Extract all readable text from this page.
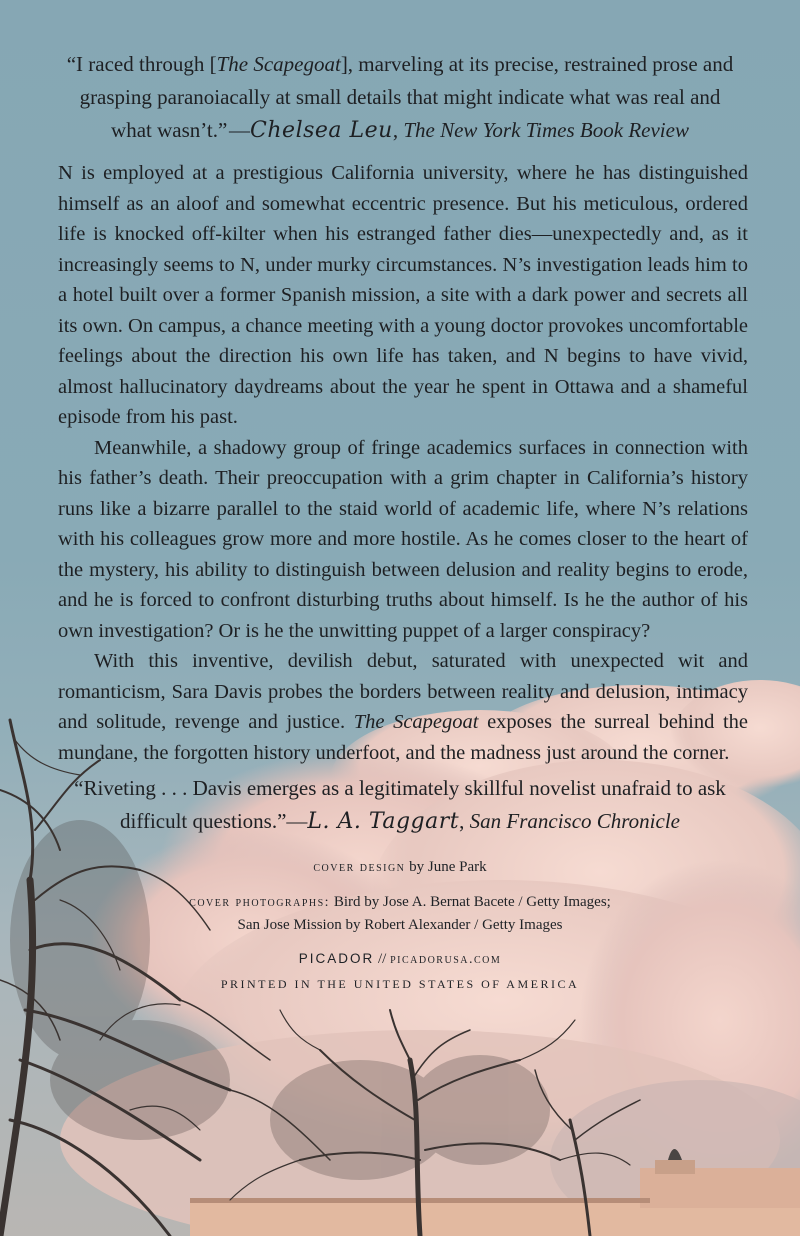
“I raced through [The Scapegoat], marveling at its precise, restrained prose and grasping paranoiacally at small details that might indicate what was real and what wasn’t.” —Chelsea Leu, The New York Times Book Review

N is employed at a prestigious California university, where he has distinguished himself as an aloof and somewhat eccentric presence. But his meticulous, ordered life is knocked off-kilter when his estranged father dies—unexpectedly and, as it increasingly seems to N, under murky circumstances. N’s investigation leads him to a hotel built over a former Spanish mission, a site with a dark power and secrets all its own. On campus, a chance meeting with a young doctor provokes uncomfortable feelings about the direction his own life has taken, and N begins to have vivid, almost hallucinatory daydreams about the year he spent in Ottawa and a shameful episode from his past.

Meanwhile, a shadowy group of fringe academics surfaces in connection with his father’s death. Their preoccupation with a grim chapter in California’s history runs like a bizarre parallel to the staid world of academic life, where N’s relations with his colleagues grow more and more hostile. As he comes closer to the heart of the mystery, his ability to distinguish between delusion and reality begins to erode, and he is forced to confront disturbing truths about himself. Is he the author of his own investigation? Or is he the unwitting puppet of a larger conspiracy?

With this inventive, devilish debut, saturated with unexpected wit and romanticism, Sara Davis probes the borders between reality and delusion, intimacy and solitude, revenge and justice. The Scapegoat exposes the surreal behind the mundane, the forgotten history underfoot, and the madness just around the corner.

“Riveting . . . Davis emerges as a legitimately skillful novelist unafraid to ask difficult questions.”—L. A. Taggart, San Francisco Chronicle
cover design by June Park
cover photographs: Bird by Jose A. Bernat Bacete / Getty Images;
San Jose Mission by Robert Alexander / Getty Images
PICADOR // picadorusa.com
PRINTED IN THE UNITED STATES OF AMERICA
